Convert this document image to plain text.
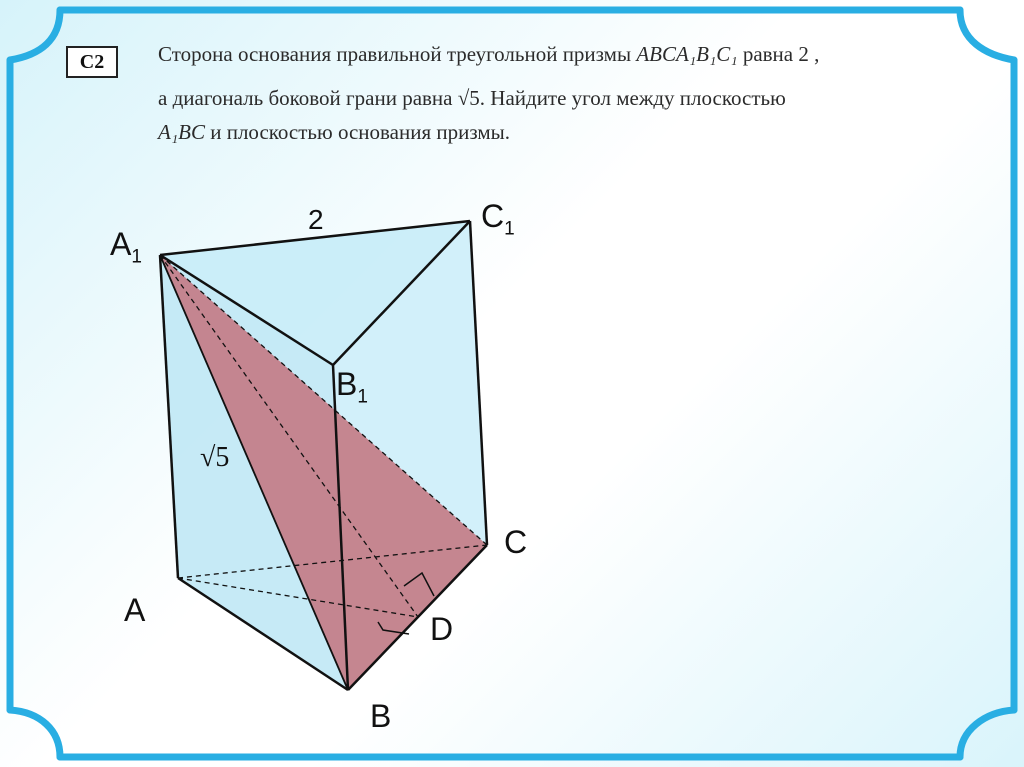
C2	Сторона основания правильной треугольной призмы ABCA₁B₁C₁ равна 2 ,
а диагональ боковой грани равна √5. Найдите угол между плоскостью
A₁BC и плоскостью основания призмы.
$A_1$
$C_1$
$B_1$
C
A
D
B
2
√5
